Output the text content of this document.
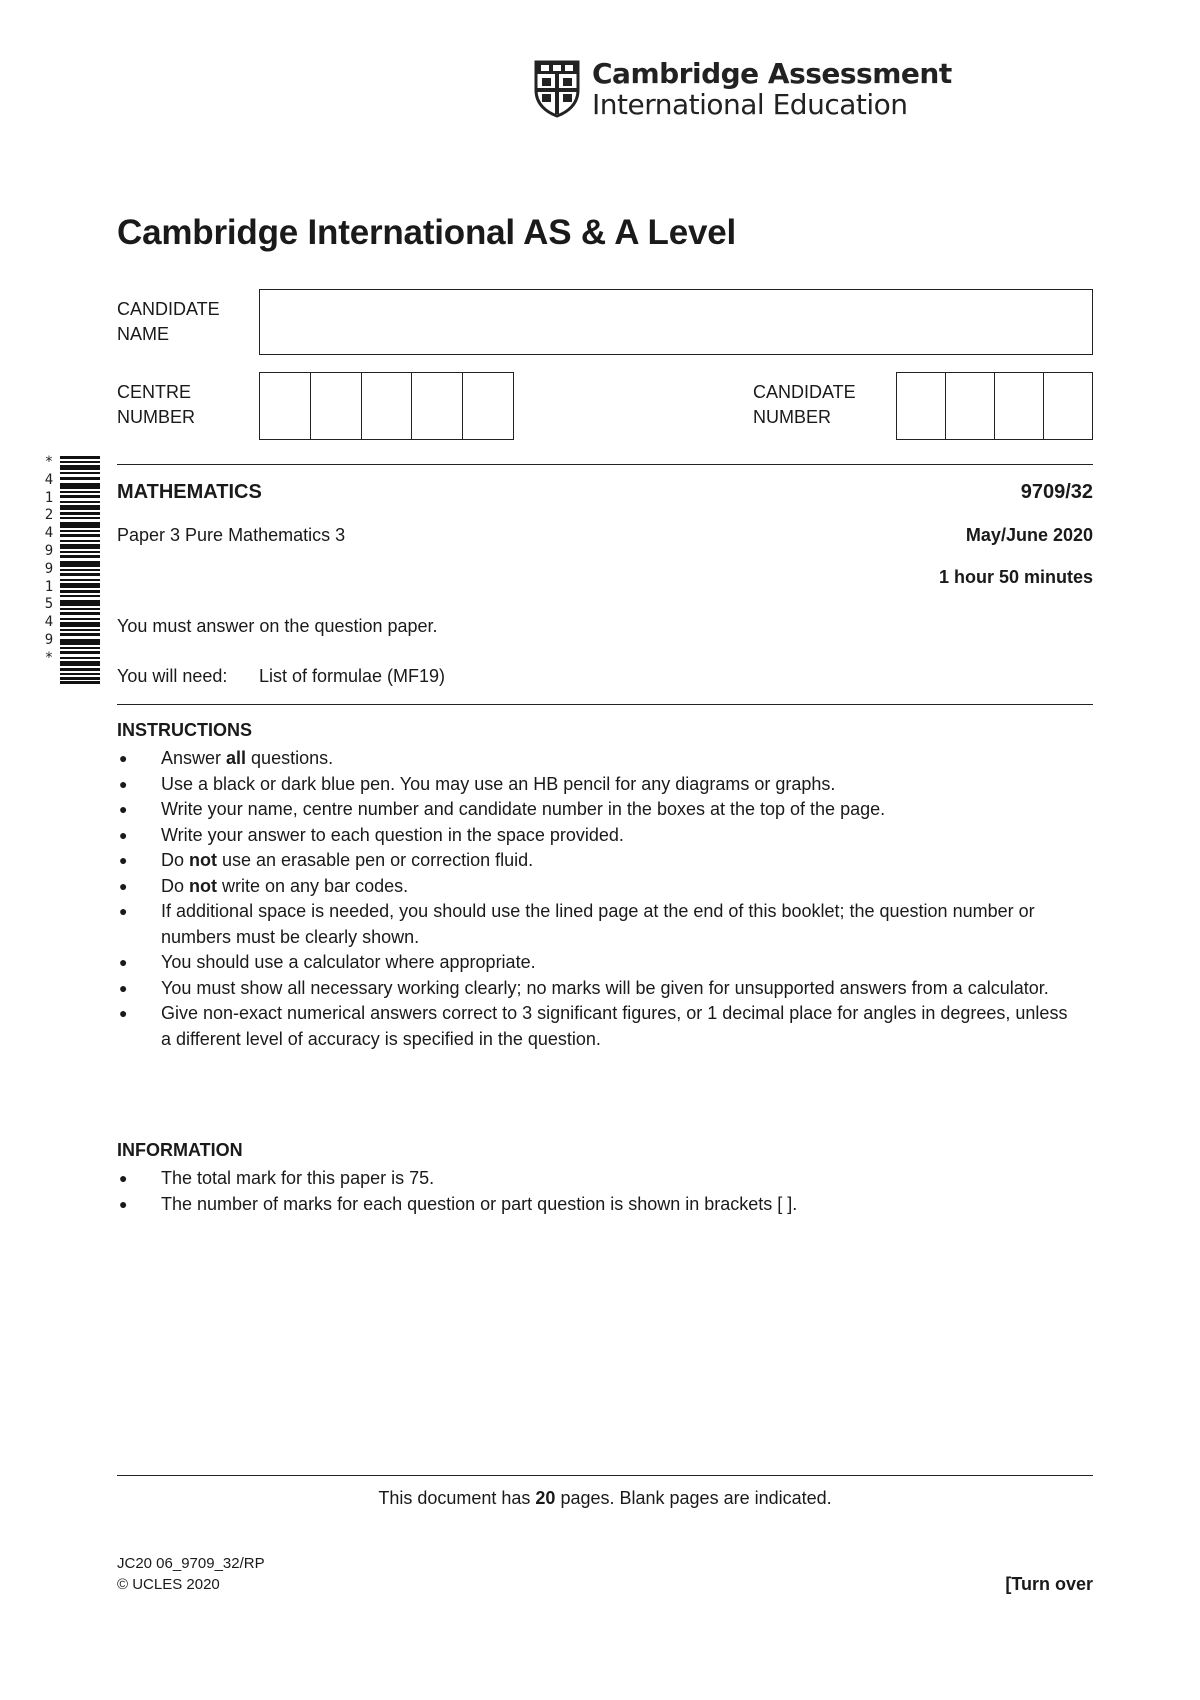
Cambridge Assessment
International Education
Cambridge International AS & A Level
CANDIDATE
NAME
CENTRE
NUMBER
CANDIDATE
NUMBER
*
4
1
2
4
9
9
1
5
4
9
*
MATHEMATICS	9709/32
Paper 3 Pure Mathematics 3	May/June 2020
1 hour 50 minutes
You must answer on the question paper.
You will need: List of formulae (MF19)
INSTRUCTIONS
● Answer all questions.
● Use a black or dark blue pen. You may use an HB pencil for any diagrams or graphs.
● Write your name, centre number and candidate number in the boxes at the top of the page.
● Write your answer to each question in the space provided.
● Do not use an erasable pen or correction fluid.
● Do not write on any bar codes.
● If additional space is needed, you should use the lined page at the end of this booklet; the question number or numbers must be clearly shown.
● You should use a calculator where appropriate.
● You must show all necessary working clearly; no marks will be given for unsupported answers from a calculator.
● Give non-exact numerical answers correct to 3 significant figures, or 1 decimal place for angles in degrees, unless a different level of accuracy is specified in the question.
INFORMATION
● The total mark for this paper is 75.
● The number of marks for each question or part question is shown in brackets [ ].
This document has 20 pages. Blank pages are indicated.
JC20 06_9709_32/RP
© UCLES 2020	[Turn over
